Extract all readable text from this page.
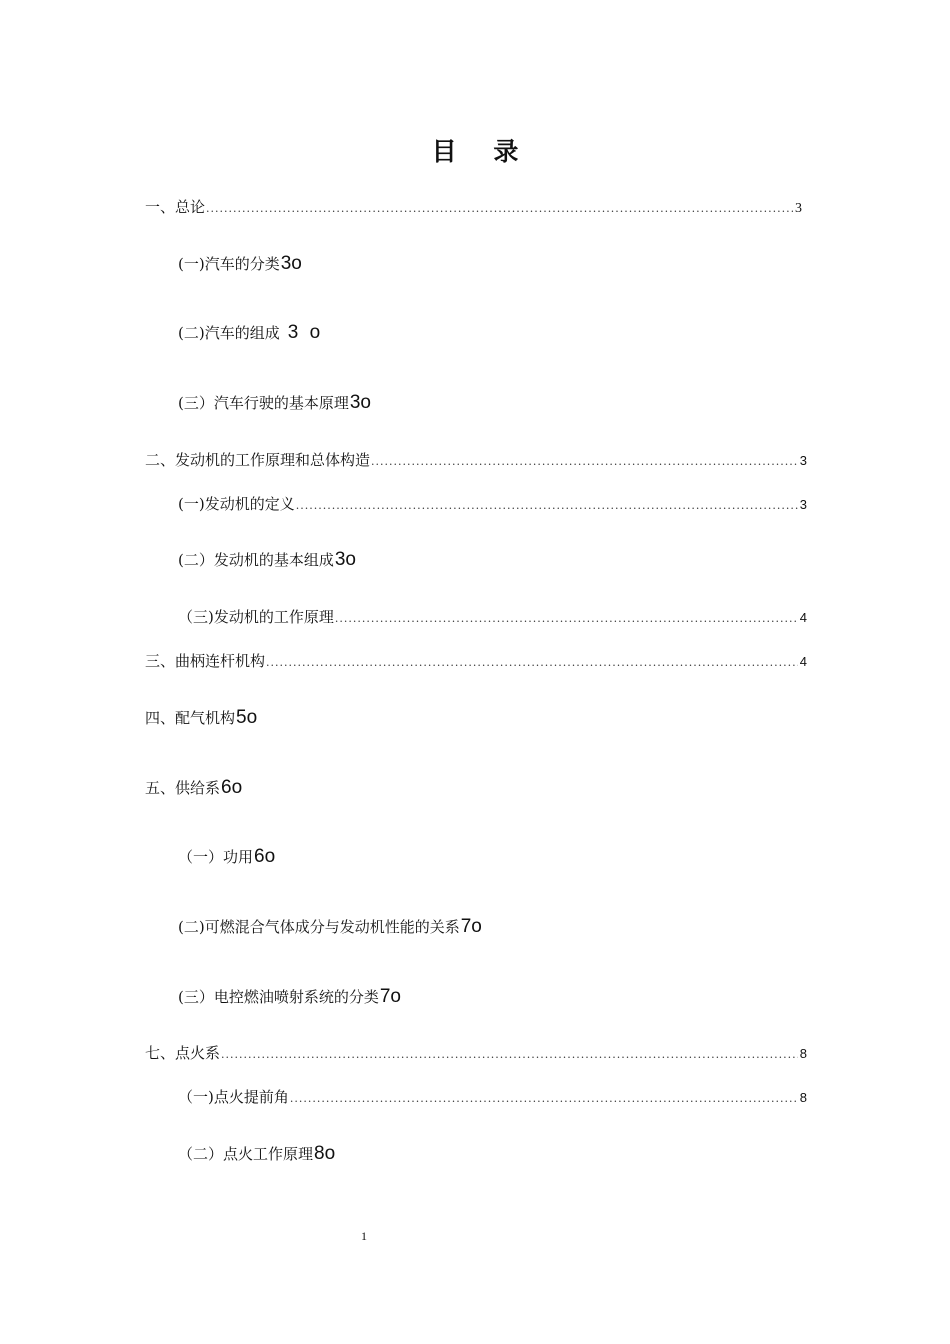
目 录
一、总论 .....	3
(一)汽车的分类 3o
(二)汽车的组成 3 o
(三）汽车行驶的基本原理 3o
二、发动机的工作原理和总体构造 .....	3
(一)发动机的定义 .....	3
(二）发动机的基本组成 3o
（三)发动机的工作原理 .....	4
三、曲柄连杆机构 .....	4
四、配气机构 5o
五、供给系 6o
（一）功用 6o
(二)可燃混合气体成分与发动机性能的关系 7o
(三）电控燃油喷射系统的分类 7o
七、点火系 .....	8
（一)点火提前角 .....	8
（二）点火工作原理 8o
1
